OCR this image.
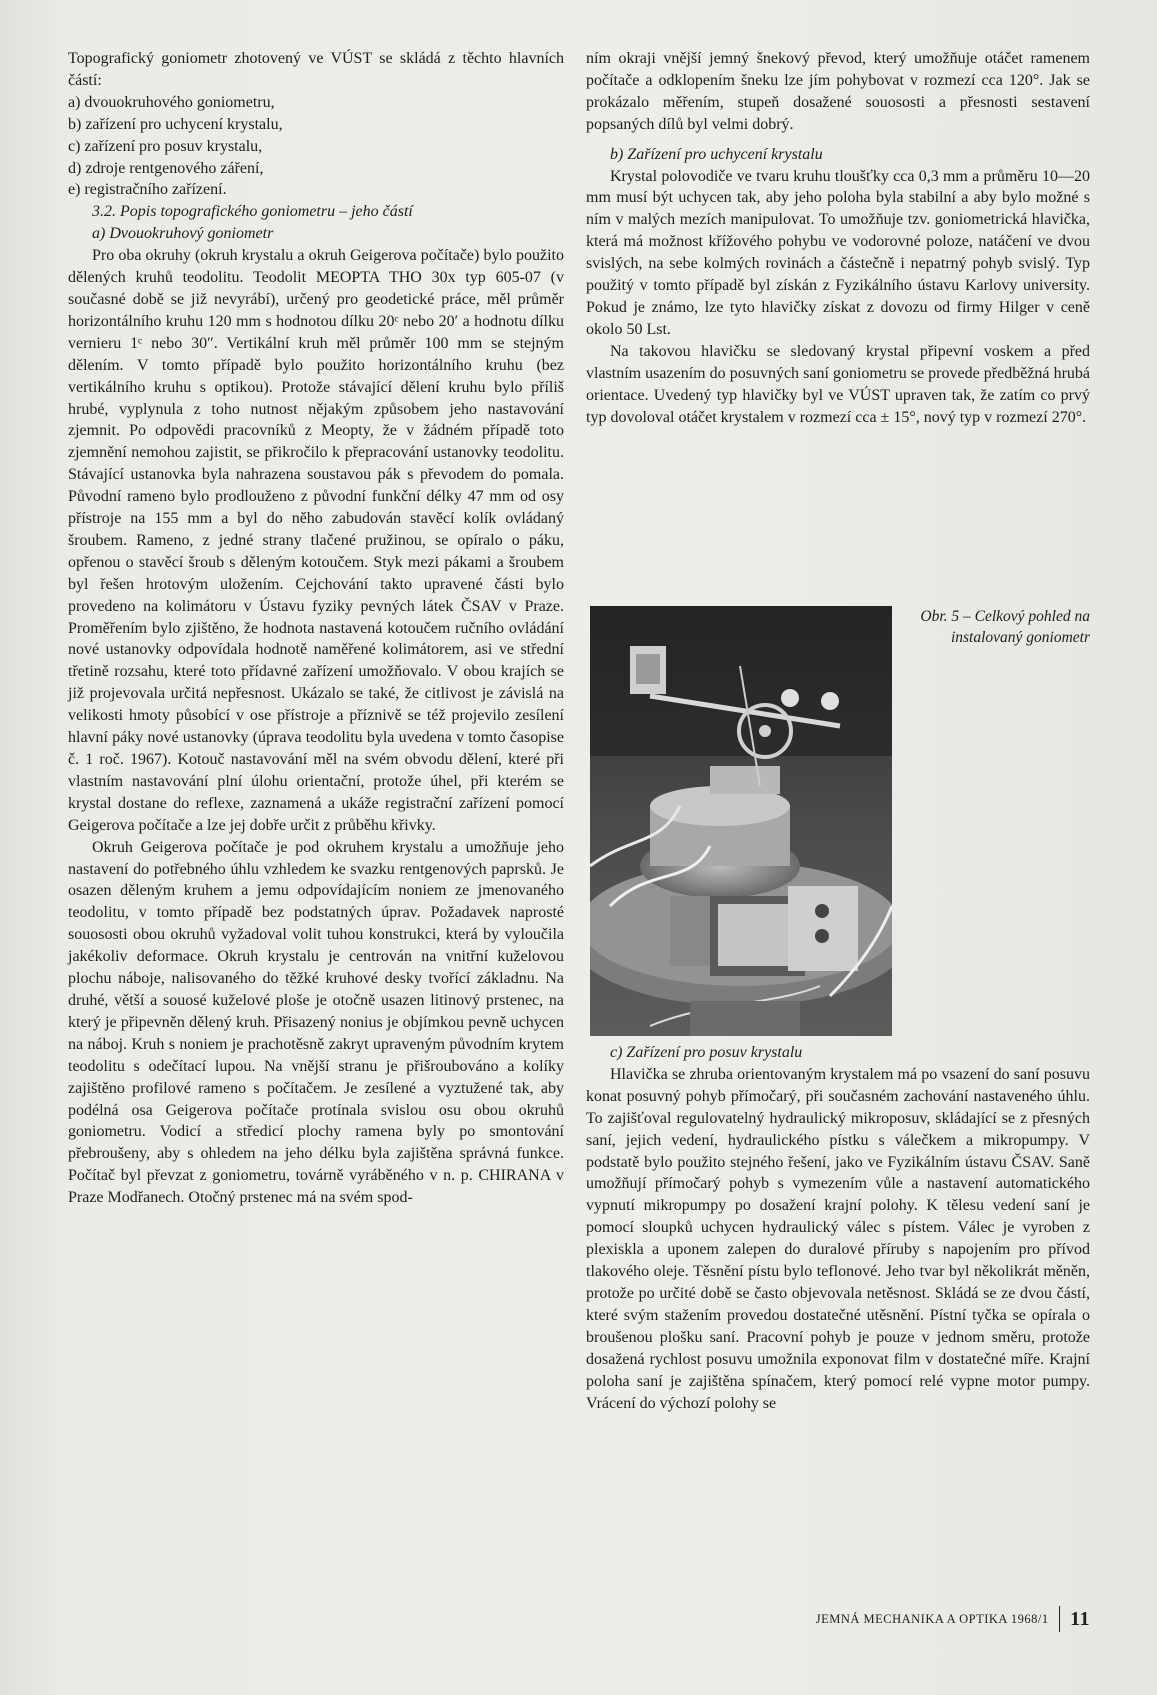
Topografický goniometr zhotovený ve VÚST se skládá z těchto hlavních částí:

a) dvouokruhového goniometru,
b) zařízení pro uchycení krystalu,
c) zařízení pro posuv krystalu,
d) zdroje rentgenového záření,
e) registračního zařízení.

3.2. Popis topografického goniometru – jeho částí

a) Dvouokruhový goniometr

Pro oba okruhy (okruh krystalu a okruh Geigerova počítače) bylo použito dělených kruhů teodolitu. Teodolit MEOPTA THO 30x typ 605-07 (v současné době se již nevyrábí), určený pro geodetické práce, měl průměr horizontálního kruhu 120 mm s hodnotou dílku 20ᶜ nebo 20′ a hodnotu dílku vernieru 1ᶜ nebo 30″. Vertikální kruh měl průměr 100 mm se stejným dělením. V tomto případě bylo použito horizontálního kruhu (bez vertikálního kruhu s optikou). Protože stávající dělení kruhu bylo příliš hrubé, vyplynula z toho nutnost nějakým způsobem jeho nastavování zjemnit. Po odpovědi pracovníků z Meopty, že v žádném případě toto zjemnění nemohou zajistit, se přikročilo k přepracování ustanovky teodolitu. Stávající ustanovka byla nahrazena soustavou pák s převodem do pomala. Původní rameno bylo prodlouženo z původní funkční délky 47 mm od osy přístroje na 155 mm a byl do něho zabudován stavěcí kolík ovládaný šroubem. Rameno, z jedné strany tlačené pružinou, se opíralo o páku, opřenou o stavěcí šroub s děleným kotoučem. Styk mezi pákami a šroubem byl řešen hrotovým uložením. Cejchování takto upravené části bylo provedeno na kolimátoru v Ústavu fyziky pevných látek ČSAV v Praze. Proměřením bylo zjištěno, že hodnota nastavená kotoučem ručního ovládání nové ustanovky odpovídala hodnotě naměřené kolimátorem, asi ve střední třetině rozsahu, které toto přídavné zařízení umožňovalo. V obou krajích se již projevovala určitá nepřesnost. Ukázalo se také, že citlivost je závislá na velikosti hmoty působící v ose přístroje a příznivě se též projevilo zesílení hlavní páky nové ustanovky (úprava teodolitu byla uvedena v tomto časopise č. 1 roč. 1967). Kotouč nastavování měl na svém obvodu dělení, které při vlastním nastavování plní úlohu orientační, protože úhel, při kterém se krystal dostane do reflexe, zaznamená a ukáže registrační zařízení pomocí Geigerova počítače a lze jej dobře určit z průběhu křivky.

Okruh Geigerova počítače je pod okruhem krystalu a umožňuje jeho nastavení do potřebného úhlu vzhledem ke svazku rentgenových paprsků. Je osazen děleným kruhem a jemu odpovídajícím noniem ze jmenovaného teodolitu, v tomto případě bez podstatných úprav. Požadavek naprosté souososti obou okruhů vyžadoval volit tuhou konstrukci, která by vyloučila jakékoliv deformace. Okruh krystalu je centrován na vnitřní kuželovou plochu náboje, nalisovaného do těžké kruhové desky tvořící základnu. Na druhé, větší a souosé kuželové ploše je otočně usazen litinový prstenec, na který je připevněn dělený kruh. Přisazený nonius je objímkou pevně uchycen na náboj. Kruh s noniem je prachotěsně zakryt upraveným původním krytem teodolitu s odečítací lupou. Na vnější stranu je přišroubováno a kolíky zajištěno profilové rameno s počítačem. Je zesílené a vyztužené tak, aby podélná osa Geigerova počítače protínala svislou osu obou okruhů goniometru. Vodicí a středicí plochy ramena byly po smontování přebroušeny, aby s ohledem na jeho délku byla zajištěna správná funkce. Počítač byl převzat z goniometru, továrně vyráběného v n. p. CHIRANA v Praze Modřanech. Otočný prstenec má na svém spod-

ním okraji vnější jemný šnekový převod, který umožňuje otáčet ramenem počítače a odklopením šneku lze jím pohybovat v rozmezí cca 120°. Jak se prokázalo měřením, stupeň dosažené souososti a přesnosti sestavení popsaných dílů byl velmi dobrý.

b) Zařízení pro uchycení krystalu

Krystal polovodiče ve tvaru kruhu tloušťky cca 0,3 mm a průměru 10—20 mm musí být uchycen tak, aby jeho poloha byla stabilní a aby bylo možné s ním v malých mezích manipulovat. To umožňuje tzv. goniometrická hlavička, která má možnost křížového pohybu ve vodorovné poloze, natáčení ve dvou svislých, na sebe kolmých rovinách a částečně i nepatrný pohyb svislý. Typ použitý v tomto případě byl získán z Fyzikálního ústavu Karlovy university. Pokud je známo, lze tyto hlavičky získat z dovozu od firmy Hilger v ceně okolo 50 Lst.

Na takovou hlavičku se sledovaný krystal připevní voskem a před vlastním usazením do posuvných saní goniometru se provede předběžná hrubá orientace. Uvedený typ hlavičky byl ve VÚST upraven tak, že zatím co prvý typ dovoloval otáčet krystalem v rozmezí cca ± 15°, nový typ v rozmezí 270°.

Obr. 5 – Celkový pohled na instalovaný goniometr

c) Zařízení pro posuv krystalu

Hlavička se zhruba orientovaným krystalem má po vsazení do saní posuvu konat posuvný pohyb přímočarý, při současném zachování nastaveného úhlu. To zajišťoval regulovatelný hydraulický mikroposuv, skládající se z přesných saní, jejich vedení, hydraulického pístku s válečkem a mikropumpy. V podstatě bylo použito stejného řešení, jako ve Fyzikálním ústavu ČSAV. Saně umožňují přímočarý pohyb s vymezením vůle a nastavení automatického vypnutí mikropumpy po dosažení krajní polohy. K tělesu vedení saní je pomocí sloupků uchycen hydraulický válec s pístem. Válec je vyroben z plexiskla a uponem zalepen do duralové příruby s napojením pro přívod tlakového oleje. Těsnění pístu bylo teflonové. Jeho tvar byl několikrát měněn, protože po určité době se často objevovala netěsnost. Skládá se ze dvou částí, které svým stažením provedou dostatečné utěsnění. Pístní tyčka se opírala o broušenou plošku saní. Pracovní pohyb je pouze v jednom směru, protože dosažená rychlost posuvu umožnila exponovat film v dostatečné míře. Krajní poloha saní je zajištěna spínačem, který pomocí relé vypne motor pumpy. Vrácení do výchozí polohy se

JEMNÁ MECHANIKA A OPTIKA 1968/1 11
